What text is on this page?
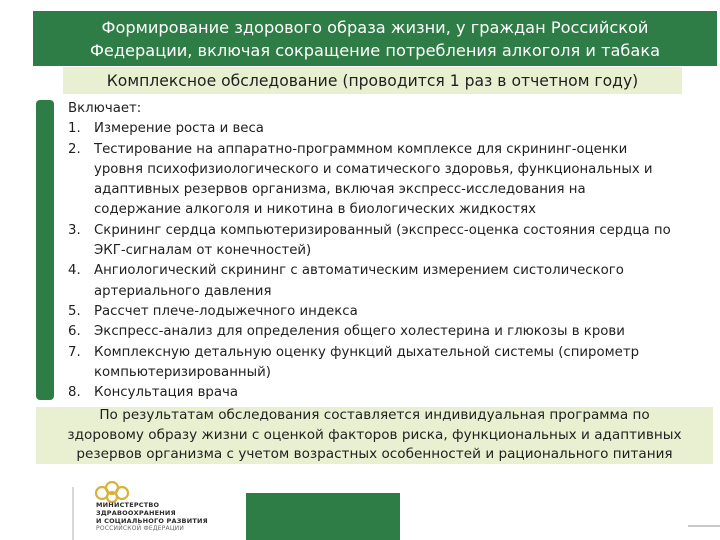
Формирование здорового образа жизни, у граждан Российской
Федерации, включая сокращение потребления алкоголя и табака
Комплексное обследование (проводится 1 раз в отчетном году)

Включает:

1. Измерение роста и веса
2. Тестирование на аппаратно-программном комплексе для скрининг-оценки
уровня психофизиологического и соматического здоровья, функциональных и
адаптивных резервов организма, включая экспресс-исследования на
содержание алкоголя и никотина в биологических жидкостях
3. Скрининг сердца компьютеризированный (экспресс-оценка состояния сердца по
ЭКГ-сигналам от конечностей)
4. Ангиологический скрининг с автоматическим измерением систолического
артериального давления
5. Рассчет плече-лодыжечного индекса
6. Экспресс-анализ для определения общего холестерина и глюкозы в крови
7. Комплексную детальную оценку функций дыхательной системы (спирометр
компьютеризированный)
8. Консультация врача
По результатам обследования составляется индивидуальная программа по
здоровому образу жизни с оценкой факторов риска, функциональных и адаптивных
резервов организма с учетом возрастных особенностей и рационального питания
МИНИСТЕРСТВО
ЗДРАВООХРАНЕНИЯ
И СОЦИАЛЬНОГО РАЗВИТИЯ
РОССИЙСКОЙ ФЕДЕРАЦИИ
